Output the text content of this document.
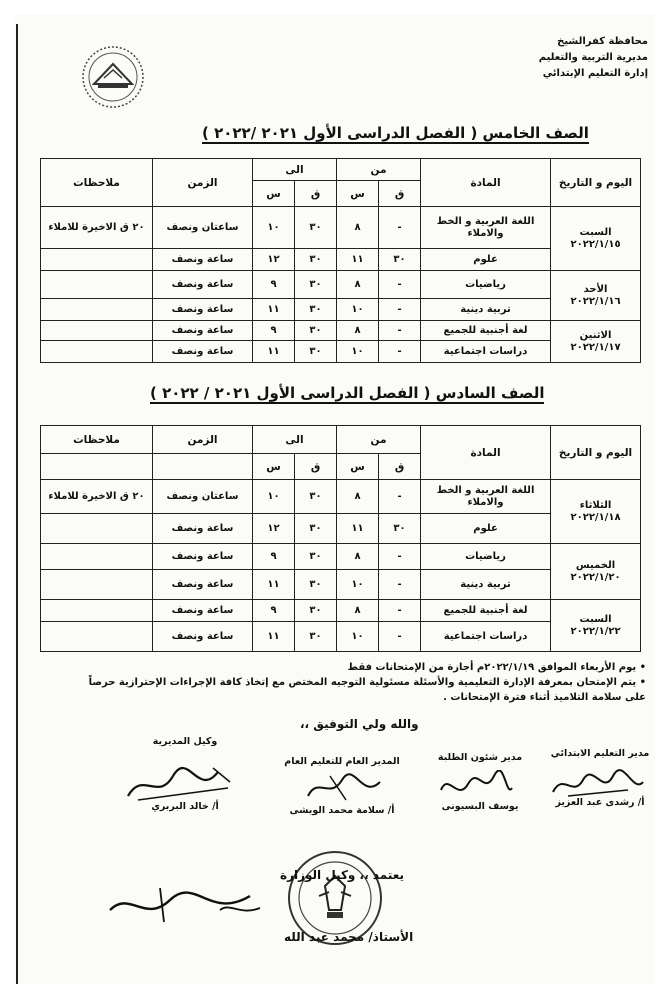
محافظة كفرالشيخ
مديرية التربية والتعليم
إدارة التعليم الإبتدائي
الصف الخامس ( الفصل الدراسى الأول ٢٠٢١ /٢٠٢٢ )
اليوم و التاريخ	المادة	من		الى		الزمن	ملاحظات
		ق	س	ق	س		
السبت
٢٠٢٢/١/١٥	اللغة العربية و الخط والاملاء	-	٨	٣٠	١٠	ساعتان ونصف	٢٠ ق الاخيرة للاملاء
	علوم	٣٠	١١	٣٠	١٢	ساعة ونصف	
الأحد
٢٠٢٢/١/١٦	رياضيات	-	٨	٣٠	٩	ساعة ونصف	
	تربية دينية	-	١٠	٣٠	١١	ساعة ونصف	
الاثنين
٢٠٢٢/١/١٧	لغة أجنبية للجميع	-	٨	٣٠	٩	ساعة ونصف	
	دراسات اجتماعية	-	١٠	٣٠	١١	ساعة ونصف	
الصف السادس ( الفصل الدراسى الأول ٢٠٢١ / ٢٠٢٢ )
اليوم و التاريخ	المادة	من		الى		الزمن	ملاحظات
		ق	س	ق	س		
الثلاثاء
٢٠٢٢/١/١٨	اللغة العربية و الخط والاملاء	-	٨	٣٠	١٠	ساعتان ونصف	٢٠ ق الاخيرة للاملاء
	علوم	٣٠	١١	٣٠	١٢	ساعة ونصف	
الخميس
٢٠٢٢/١/٢٠	رياضيات	-	٨	٣٠	٩	ساعة ونصف	
	تربية دينية	-	١٠	٣٠	١١	ساعة ونصف	
السبت
٢٠٢٢/١/٢٢	لغة أجنبية للجميع	-	٨	٣٠	٩	ساعة ونصف	
	دراسات اجتماعية	-	١٠	٣٠	١١	ساعة ونصف	
• يوم الأربعاء الموافق ٢٠٢٢/١/١٩م أجازة من الإمتحانات فقط
• يتم الإمتحان بمعرفة الإدارة التعليمية والأسئلة مسئولية التوجيه المختص مع إتخاذ كافة الإجراءات الإحترازية حرصاً
على سلامة التلاميذ أثناء فترة الإمتحانات .
والله ولي التوفيق ،،
مدير التعليم الابتدائي
أ/ رشدى عبد العزيز
مدير شئون الطلبة
يوسف البسيونى
المدير العام للتعليم العام
أ/ سلامة محمد الويشى
وكيل المديرية
أ/ خالد البربري
يعتمد ،، وكيل الوزارة
الأستاذ/ محمد عبد الله
